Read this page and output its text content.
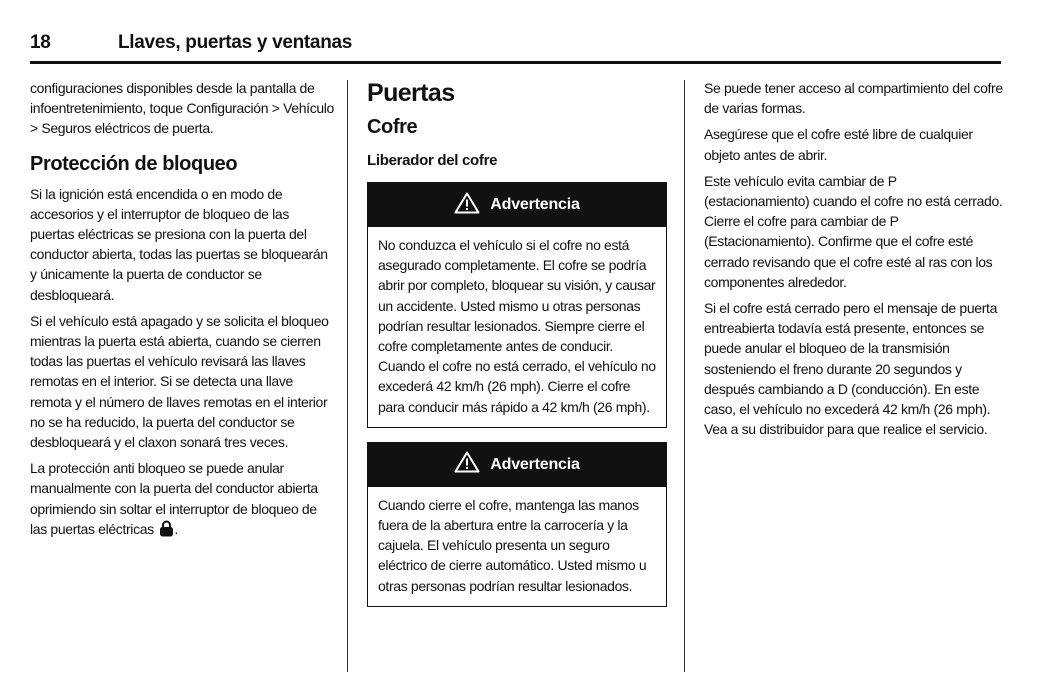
18	Llaves, puertas y ventanas

configuraciones disponibles desde la pantalla de infoentretenimiento, toque Configuración > Vehículo > Seguros eléctricos de puerta.

Protección de bloqueo

Si la ignición está encendida o en modo de accesorios y el interruptor de bloqueo de las puertas eléctricas se presiona con la puerta del conductor abierta, todas las puertas se bloquearán y únicamente la puerta de conductor se desbloqueará.

Si el vehículo está apagado y se solicita el bloqueo mientras la puerta está abierta, cuando se cierren todas las puertas el vehículo revisará las llaves remotas en el interior. Si se detecta una llave remota y el número de llaves remotas en el interior no se ha reducido, la puerta del conductor se desbloqueará y el claxon sonará tres veces.

La protección anti bloqueo se puede anular manualmente con la puerta del conductor abierta oprimiendo sin soltar el interruptor de bloqueo de las puertas eléctricas .

Puertas
Cofre
Liberador del cofre
Advertencia

No conduzca el vehículo si el cofre no está asegurado completamente. El cofre se podría abrir por completo, bloquear su visión, y causar un accidente. Usted mismo u otras personas podrían resultar lesionados. Siempre cierre el cofre completamente antes de conducir. Cuando el cofre no está cerrado, el vehículo no excederá 42 km/h (26 mph). Cierre el cofre para conducir más rápido a 42 km/h (26 mph).

Advertencia

Cuando cierre el cofre, mantenga las manos fuera de la abertura entre la carrocería y la cajuela. El vehículo presenta un seguro eléctrico de cierre automático. Usted mismo u otras personas podrían resultar lesionados.

Se puede tener acceso al compartimiento del cofre de varias formas.

Asegúrese que el cofre esté libre de cualquier objeto antes de abrir.

Este vehículo evita cambiar de P (estacionamiento) cuando el cofre no está cerrado. Cierre el cofre para cambiar de P (Estacionamiento). Confirme que el cofre esté cerrado revisando que el cofre esté al ras con los componentes alrededor.

Si el cofre está cerrado pero el mensaje de puerta entreabierta todavía está presente, entonces se puede anular el bloqueo de la transmisión sosteniendo el freno durante 20 segundos y después cambiando a D (conducción). En este caso, el vehículo no excederá 42 km/h (26 mph). Vea a su distribuidor para que realice el servicio.
